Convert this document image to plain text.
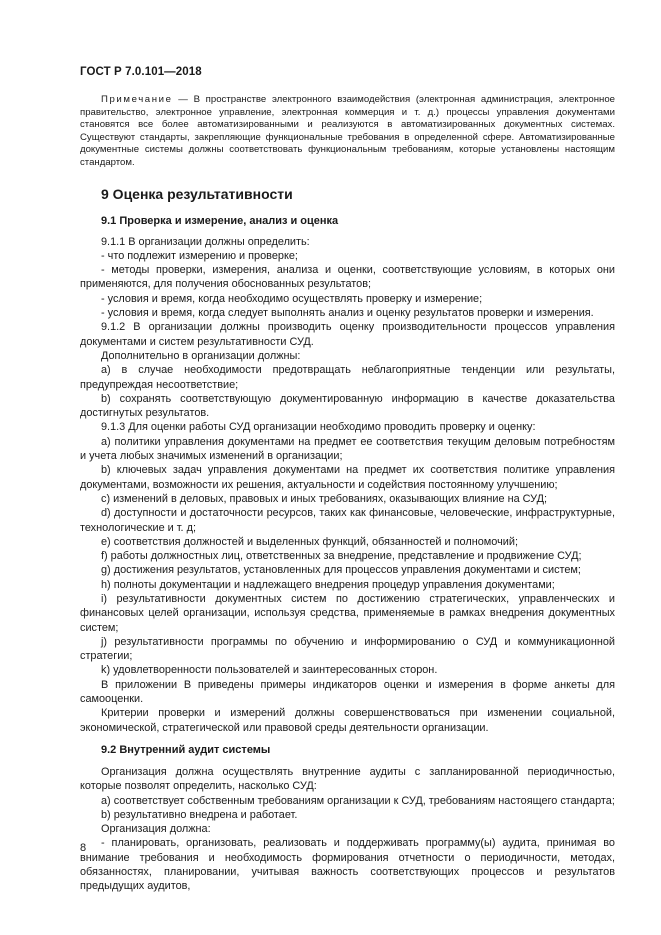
ГОСТ Р 7.0.101—2018

Примечание — В пространстве электронного взаимодействия (электронная администрация, электронное правительство, электронное управление, электронная коммерция и т. д.) процессы управления документами становятся все более автоматизированными и реализуются в автоматизированных документных системах. Существуют стандарты, закрепляющие функциональные требования в определенной сфере. Автоматизированные документные системы должны соответствовать функциональным требованиям, которые установлены настоящим стандартом.

9 Оценка результативности
9.1 Проверка и измерение, анализ и оценка

9.1.1 В организации должны определить:

- что подлежит измерению и проверке;

- методы проверки, измерения, анализа и оценки, соответствующие условиям, в которых они применяются, для получения обоснованных результатов;

- условия и время, когда необходимо осуществлять проверку и измерение;

- условия и время, когда следует выполнять анализ и оценку результатов проверки и измерения.

9.1.2 В организации должны производить оценку производительности процессов управления документами и систем результативности СУД.

Дополнительно в организации должны:

a) в случае необходимости предотвращать неблагоприятные тенденции или результаты, предупреждая несоответствие;

b) сохранять соответствующую документированную информацию в качестве доказательства достигнутых результатов.

9.1.3 Для оценки работы СУД организации необходимо проводить проверку и оценку:

a) политики управления документами на предмет ее соответствия текущим деловым потребностям и учета любых значимых изменений в организации;

b) ключевых задач управления документами на предмет их соответствия политике управления документами, возможности их решения, актуальности и содействия постоянному улучшению;

c) изменений в деловых, правовых и иных требованиях, оказывающих влияние на СУД;

d) доступности и достаточности ресурсов, таких как финансовые, человеческие, инфраструктурные, технологические и т. д;

e) соответствия должностей и выделенных функций, обязанностей и полномочий;

f) работы должностных лиц, ответственных за внедрение, представление и продвижение СУД;

g) достижения результатов, установленных для процессов управления документами и систем;

h) полноты документации и надлежащего внедрения процедур управления документами;

i) результативности документных систем по достижению стратегических, управленческих и финансовых целей организации, используя средства, применяемые в рамках внедрения документных систем;

j) результативности программы по обучению и информированию о СУД и коммуникационной стратегии;

k) удовлетворенности пользователей и заинтересованных сторон.

В приложении В приведены примеры индикаторов оценки и измерения в форме анкеты для самооценки.

Критерии проверки и измерений должны совершенствоваться при изменении социальной, экономической, стратегической или правовой среды деятельности организации.

9.2 Внутренний аудит системы

Организация должна осуществлять внутренние аудиты с запланированной периодичностью, которые позволят определить, насколько СУД:

a) соответствует собственным требованиям организации к СУД, требованиям настоящего стандарта;

b) результативно внедрена и работает.

Организация должна:

- планировать, организовать, реализовать и поддерживать программу(ы) аудита, принимая во внимание требования и необходимость формирования отчетности о периодичности, методах, обязанностях, планировании, учитывая важность соответствующих процессов и результатов предыдущих аудитов,

8
